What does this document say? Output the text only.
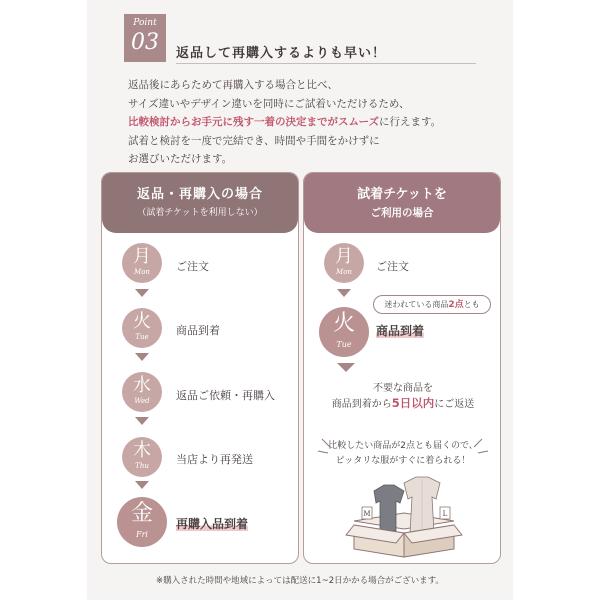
Point
03	返品して再購入するよりも早い！
返品後にあらためて再購入する場合と比べ、
サイズ違いやデザイン違いを同時にご試着いただけるため、
比較検討からお手元に残す一着の決定までがスムーズに行えます。
試着と検討を一度で完結でき、時間や手間をかけずに
お選びいただけます。
返品・再購入の場合
（試着チケットを利用しない）
月
Mon	ご注文
火
Tue	商品到着
水
Wed	返品ご依頼・再購入
木
Thu	当店より再発送
金
Fri
再購入品到着
試着チケットを
ご利用の場合
月
Mon	ご注文
迷われている商品2点とも
火
Tue
商品到着
不要な商品を
商品到着から5日以内にご返送
比較したい商品が2点とも届くので、
ピッタリな服がすぐに着られる！
M	L
※購入された時間や地域によっては配送に1~2日かかる場合がございます。
